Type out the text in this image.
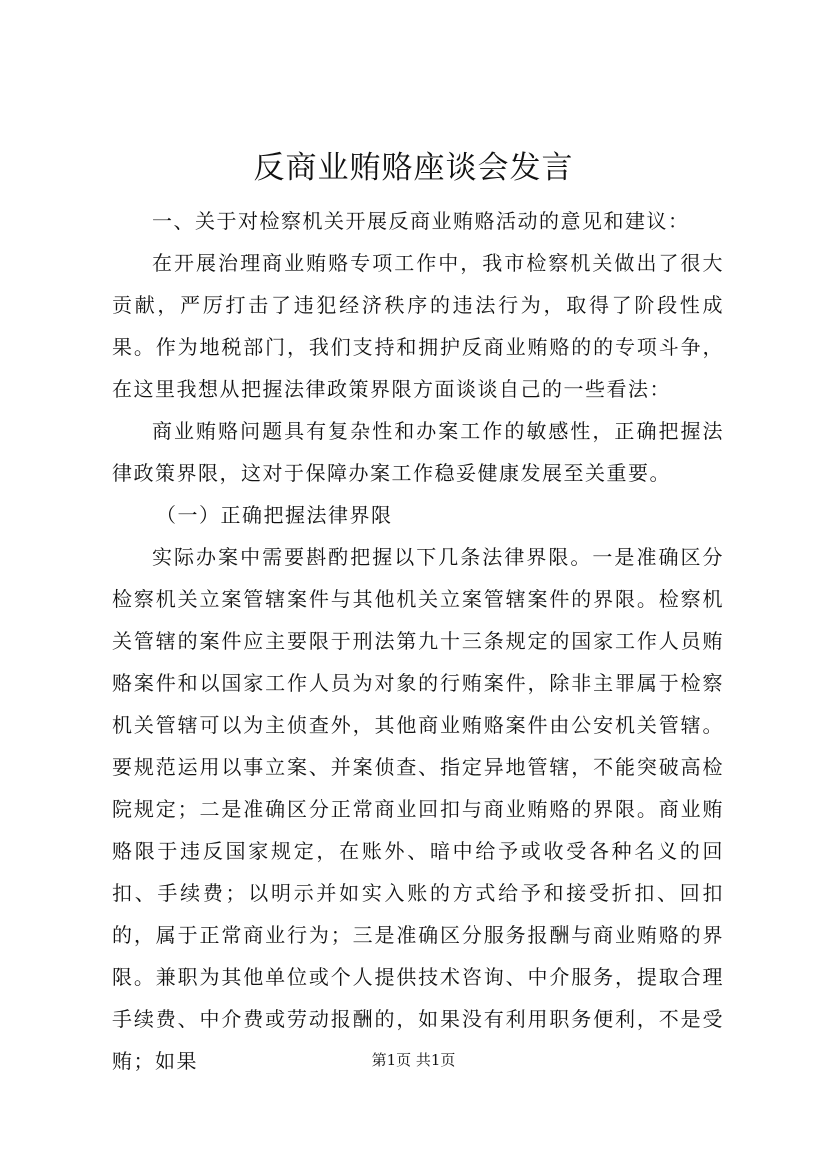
反商业贿赂座谈会发言

一、关于对检察机关开展反商业贿赂活动的意见和建议：

在开展治理商业贿赂专项工作中，我市检察机关做出了很大贡献，严厉打击了违犯经济秩序的违法行为，取得了阶段性成果。作为地税部门，我们支持和拥护反商业贿赂的的专项斗争，在这里我想从把握法律政策界限方面谈谈自己的一些看法：

商业贿赂问题具有复杂性和办案工作的敏感性，正确把握法律政策界限，这对于保障办案工作稳妥健康发展至关重要。

（一）正确把握法律界限

实际办案中需要斟酌把握以下几条法律界限。一是准确区分检察机关立案管辖案件与其他机关立案管辖案件的界限。检察机关管辖的案件应主要限于刑法第九十三条规定的国家工作人员贿赂案件和以国家工作人员为对象的行贿案件，除非主罪属于检察机关管辖可以为主侦查外，其他商业贿赂案件由公安机关管辖。要规范运用以事立案、并案侦查、指定异地管辖，不能突破高检院规定；二是准确区分正常商业回扣与商业贿赂的界限。商业贿赂限于违反国家规定，在账外、暗中给予或收受各种名义的回扣、手续费；以明示并如实入账的方式给予和接受折扣、回扣的，属于正常商业行为；三是准确区分服务报酬与商业贿赂的界限。兼职为其他单位或个人提供技术咨询、中介服务，提取合理手续费、中介费或劳动报酬的，如果没有利用职务便利，不是受贿；如果	第1页 共1页
